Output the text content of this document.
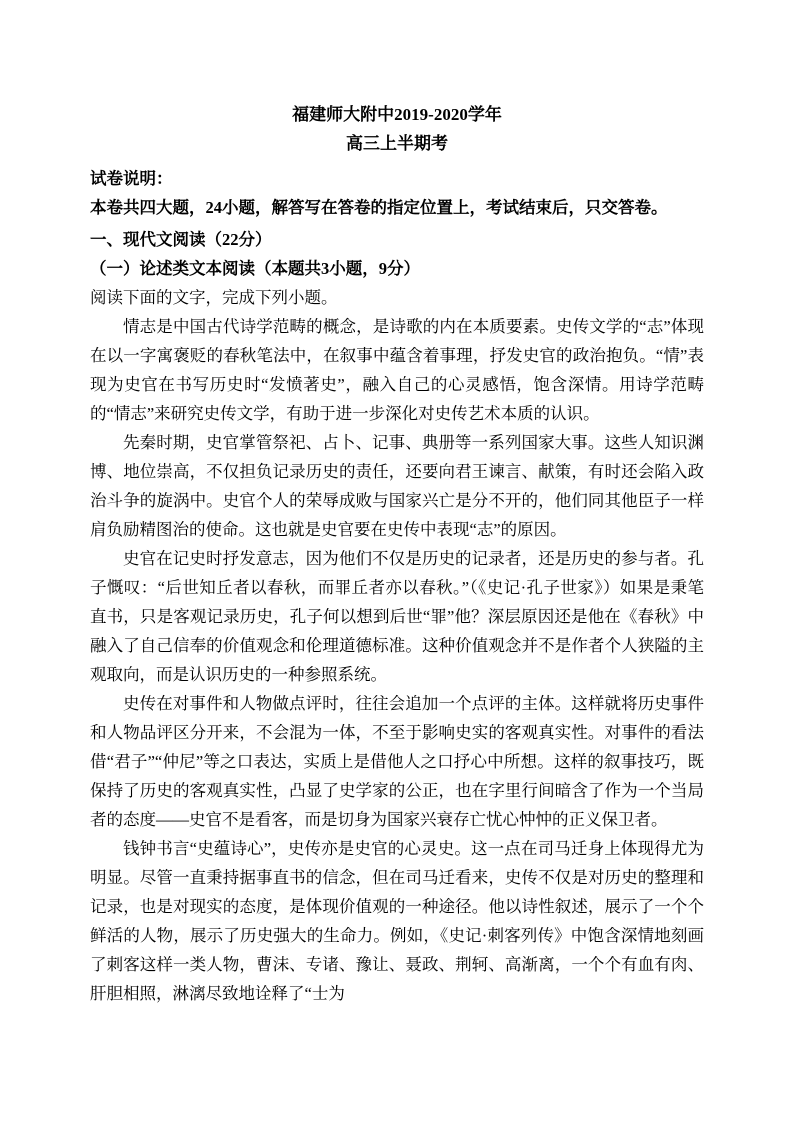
福建师大附中2019-2020学年
高三上半期考

试卷说明：

本卷共四大题，24小题，解答写在答卷的指定位置上，考试结束后，只交答卷。

一、现代文阅读（22分）

（一）论述类文本阅读（本题共3小题，9分）

阅读下面的文字，完成下列小题。

情志是中国古代诗学范畴的概念，是诗歌的内在本质要素。史传文学的“志”体现在以一字寓褒贬的春秋笔法中，在叙事中蕴含着事理，抒发史官的政治抱负。“情”表现为史官在书写历史时“发愤著史”，融入自己的心灵感悟，饱含深情。用诗学范畴的“情志”来研究史传文学，有助于进一步深化对史传艺术本质的认识。

先秦时期，史官掌管祭祀、占卜、记事、典册等一系列国家大事。这些人知识渊博、地位崇高，不仅担负记录历史的责任，还要向君王谏言、献策，有时还会陷入政治斗争的旋涡中。史官个人的荣辱成败与国家兴亡是分不开的，他们同其他臣子一样肩负励精图治的使命。这也就是史官要在史传中表现“志”的原因。

史官在记史时抒发意志，因为他们不仅是历史的记录者，还是历史的参与者。孔子慨叹：“后世知丘者以春秋，而罪丘者亦以春秋。”（《史记·孔子世家》）如果是秉笔直书，只是客观记录历史，孔子何以想到后世“罪”他？深层原因还是他在《春秋》中融入了自己信奉的价值观念和伦理道德标准。这种价值观念并不是作者个人狭隘的主观取向，而是认识历史的一种参照系统。

史传在对事件和人物做点评时，往往会追加一个点评的主体。这样就将历史事件和人物品评区分开来，不会混为一体，不至于影响史实的客观真实性。对事件的看法借“君子”“仲尼”等之口表达，实质上是借他人之口抒心中所想。这样的叙事技巧，既保持了历史的客观真实性，凸显了史学家的公正，也在字里行间暗含了作为一个当局者的态度——史官不是看客，而是切身为国家兴衰存亡忧心忡忡的正义保卫者。

钱钟书言“史蕴诗心”，史传亦是史官的心灵史。这一点在司马迁身上体现得尤为明显。尽管一直秉持据事直书的信念，但在司马迁看来，史传不仅是对历史的整理和记录，也是对现实的态度，是体现价值观的一种途径。他以诗性叙述，展示了一个个鲜活的人物，展示了历史强大的生命力。例如，《史记·刺客列传》中饱含深情地刻画了刺客这样一类人物，曹沫、专诸、豫让、聂政、荆轲、高渐离，一个个有血有肉、肝胆相照，淋漓尽致地诠释了“士为
